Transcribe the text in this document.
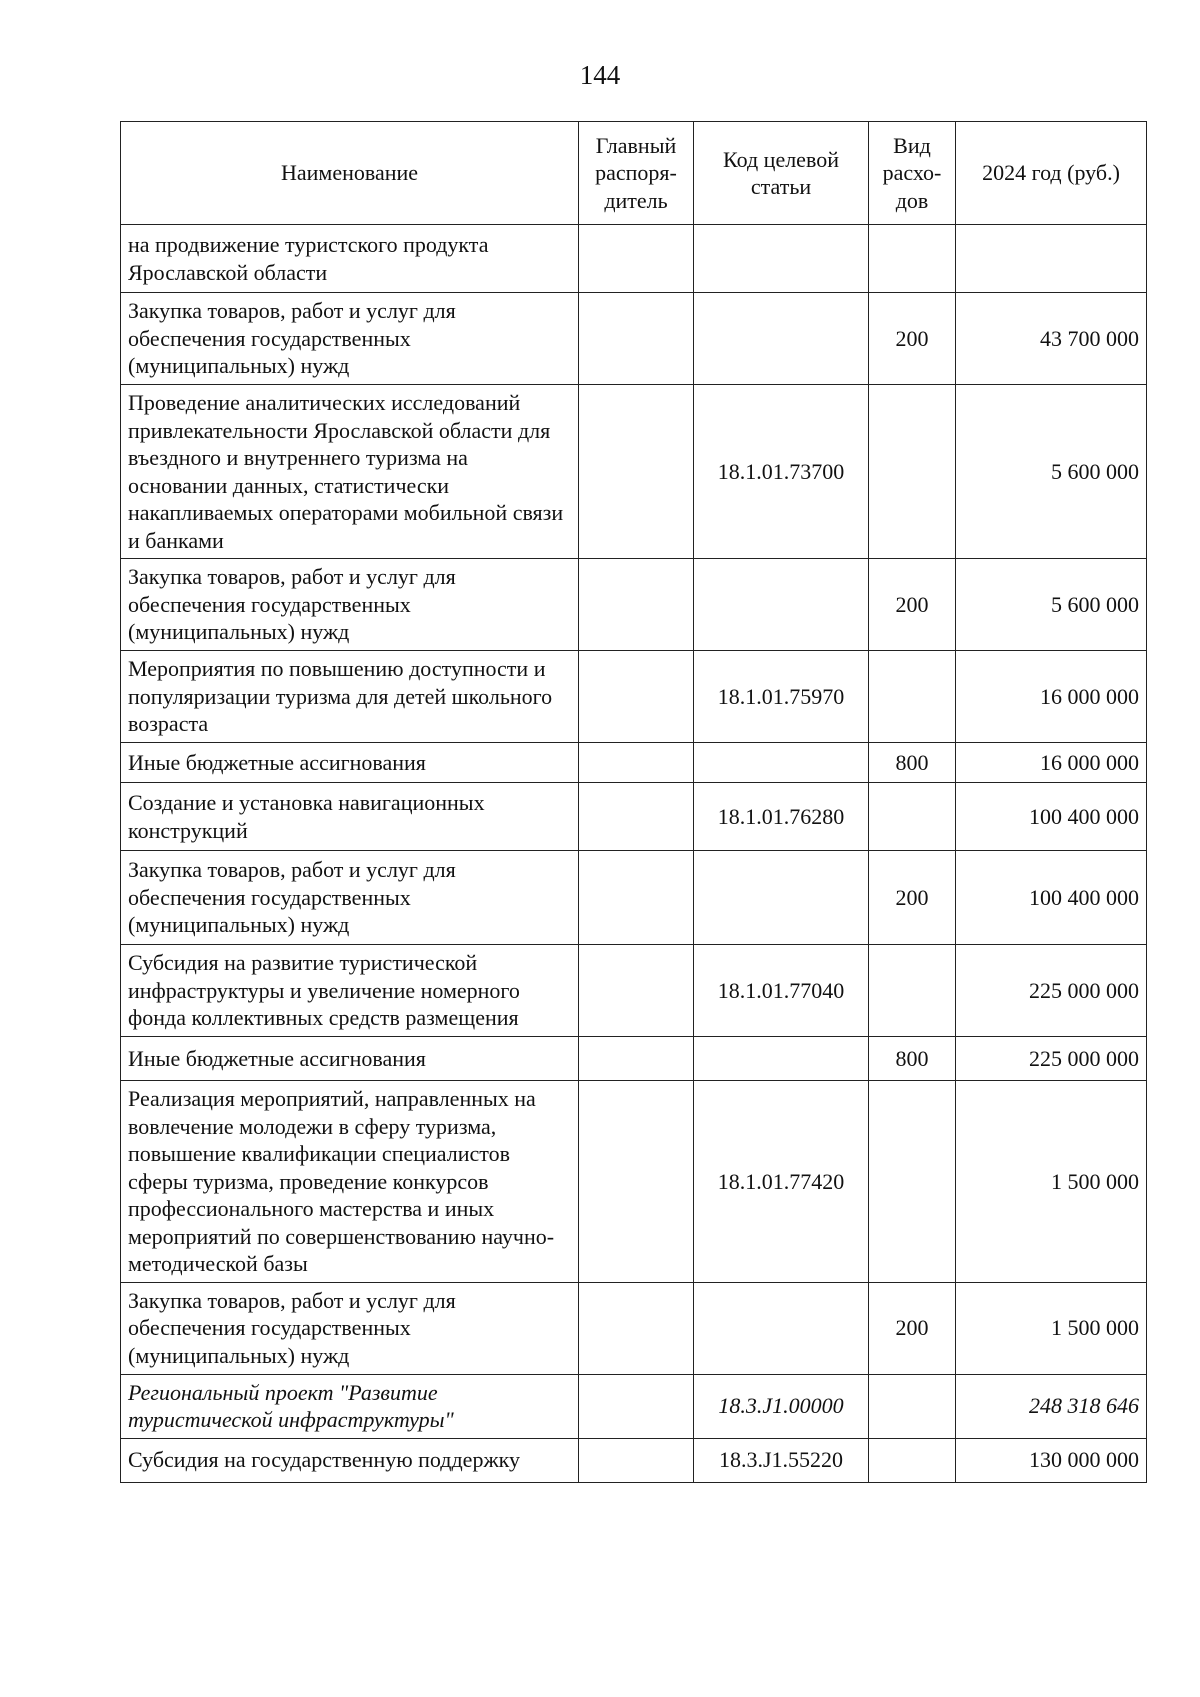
144
Наименование	Главный распоря-дитель	Код целевой статьи	Вид расхо-дов	2024 год (руб.)
на продвижение туристского продукта Ярославской области				
Закупка товаров, работ и услуг для обеспечения государственных (муниципальных) нужд			200	43 700 000
Проведение аналитических исследований привлекательности Ярославской области для въездного и внутреннего туризма на основании данных, статистически накапливаемых операторами мобильной связи и банками		18.1.01.73700		5 600 000
Закупка товаров, работ и услуг для обеспечения государственных (муниципальных) нужд			200	5 600 000
Мероприятия по повышению доступности и популяризации туризма для детей школьного возраста		18.1.01.75970		16 000 000
Иные бюджетные ассигнования			800	16 000 000
Создание и установка навигационных конструкций		18.1.01.76280		100 400 000
Закупка товаров, работ и услуг для обеспечения государственных (муниципальных) нужд			200	100 400 000
Субсидия на развитие туристической инфраструктуры и увеличение номерного фонда коллективных средств размещения		18.1.01.77040		225 000 000
Иные бюджетные ассигнования			800	225 000 000
Реализация мероприятий, направленных на вовлечение молодежи в сферу туризма, повышение квалификации специалистов сферы туризма, проведение конкурсов профессионального мастерства и иных мероприятий по совершенствованию научно-методической базы		18.1.01.77420		1 500 000
Закупка товаров, работ и услуг для обеспечения государственных (муниципальных) нужд			200	1 500 000
Региональный проект "Развитие туристической инфраструктуры"		18.3.J1.00000		248 318 646
Субсидия на государственную поддержку		18.3.J1.55220		130 000 000
